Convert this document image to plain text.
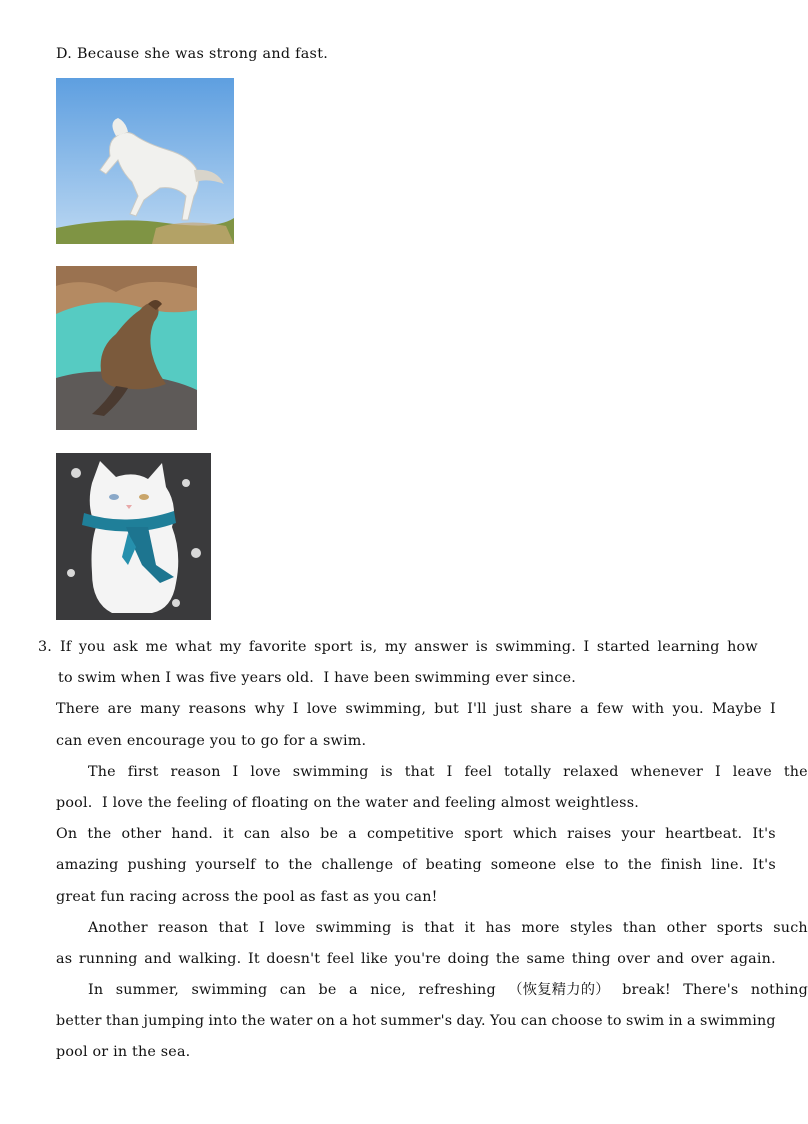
D. Because she was strong and fast.
3. If you ask me what my favorite sport is, my answer is swimming. I started learning how
to swim when I was five years old.  I have been swimming ever since.
There are many reasons why I love swimming, but I'll just share a few with you. Maybe I
can even encourage you to go for a swim.
The first reason I love swimming is that I feel totally relaxed whenever I leave the
pool.  I love the feeling of floating on the water and feeling almost weightless.
On the other hand. it can also be a competitive sport which raises your heartbeat. It's
amazing pushing yourself to the challenge of beating someone else to the finish line. It's
great fun racing across the pool as fast as you can!
Another reason that I love swimming is that it has more styles than other sports such
as running and walking. It doesn't feel like you're doing the same thing over and over again.
In summer, swimming can be a nice, refreshing （恢复精力的） break! There's nothing
better than jumping into the water on a hot summer's day. You can choose to swim in a swimming
pool or in the sea.
